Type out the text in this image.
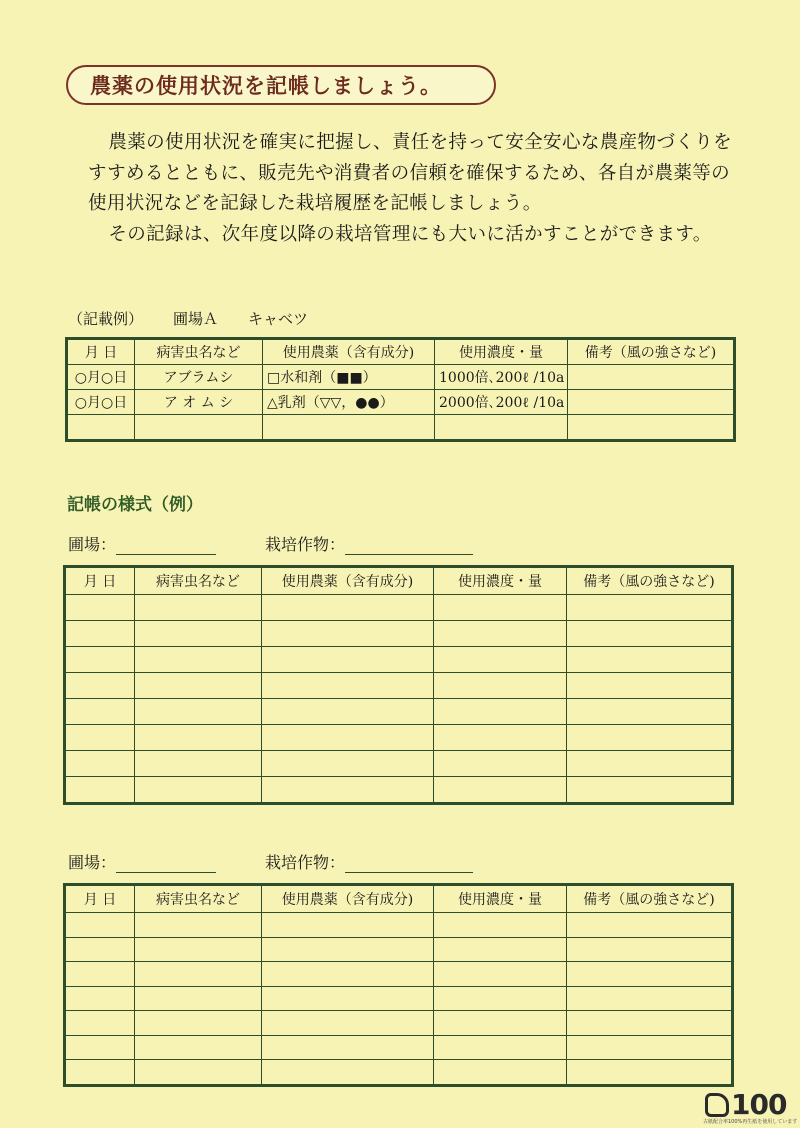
農薬の使用状況を記帳しましょう。

農薬の使用状況を確実に把握し、責任を持って安全安心な農産物づくりをすすめるとともに、販売先や消費者の信頼を確保するため、各自が農薬等の使用状況などを記録した栽培履歴を記帳しましょう。

その記録は、次年度以降の栽培管理にも大いに活かすことができます。

（記載例） 圃場Ａ キャベツ
月 日	病害虫名など	使用農薬（含有成分)	使用濃度・量	備考（風の強さなど)
○月○日	アブラムシ	□水和剤（■■）	1000倍､200ℓ /10a	
○月○日	ア オ ム シ	△乳剤（▽▽，●●）	2000倍､200ℓ /10a	

記帳の様式（例）
圃場：	栽培作物：
月 日	病害虫名など	使用農薬（含有成分)	使用濃度・量	備考（風の強さなど)

圃場：	栽培作物：
月 日	病害虫名など	使用農薬（含有成分)	使用濃度・量	備考（風の強さなど)

100
古紙配合率100%再生紙を使用しています
